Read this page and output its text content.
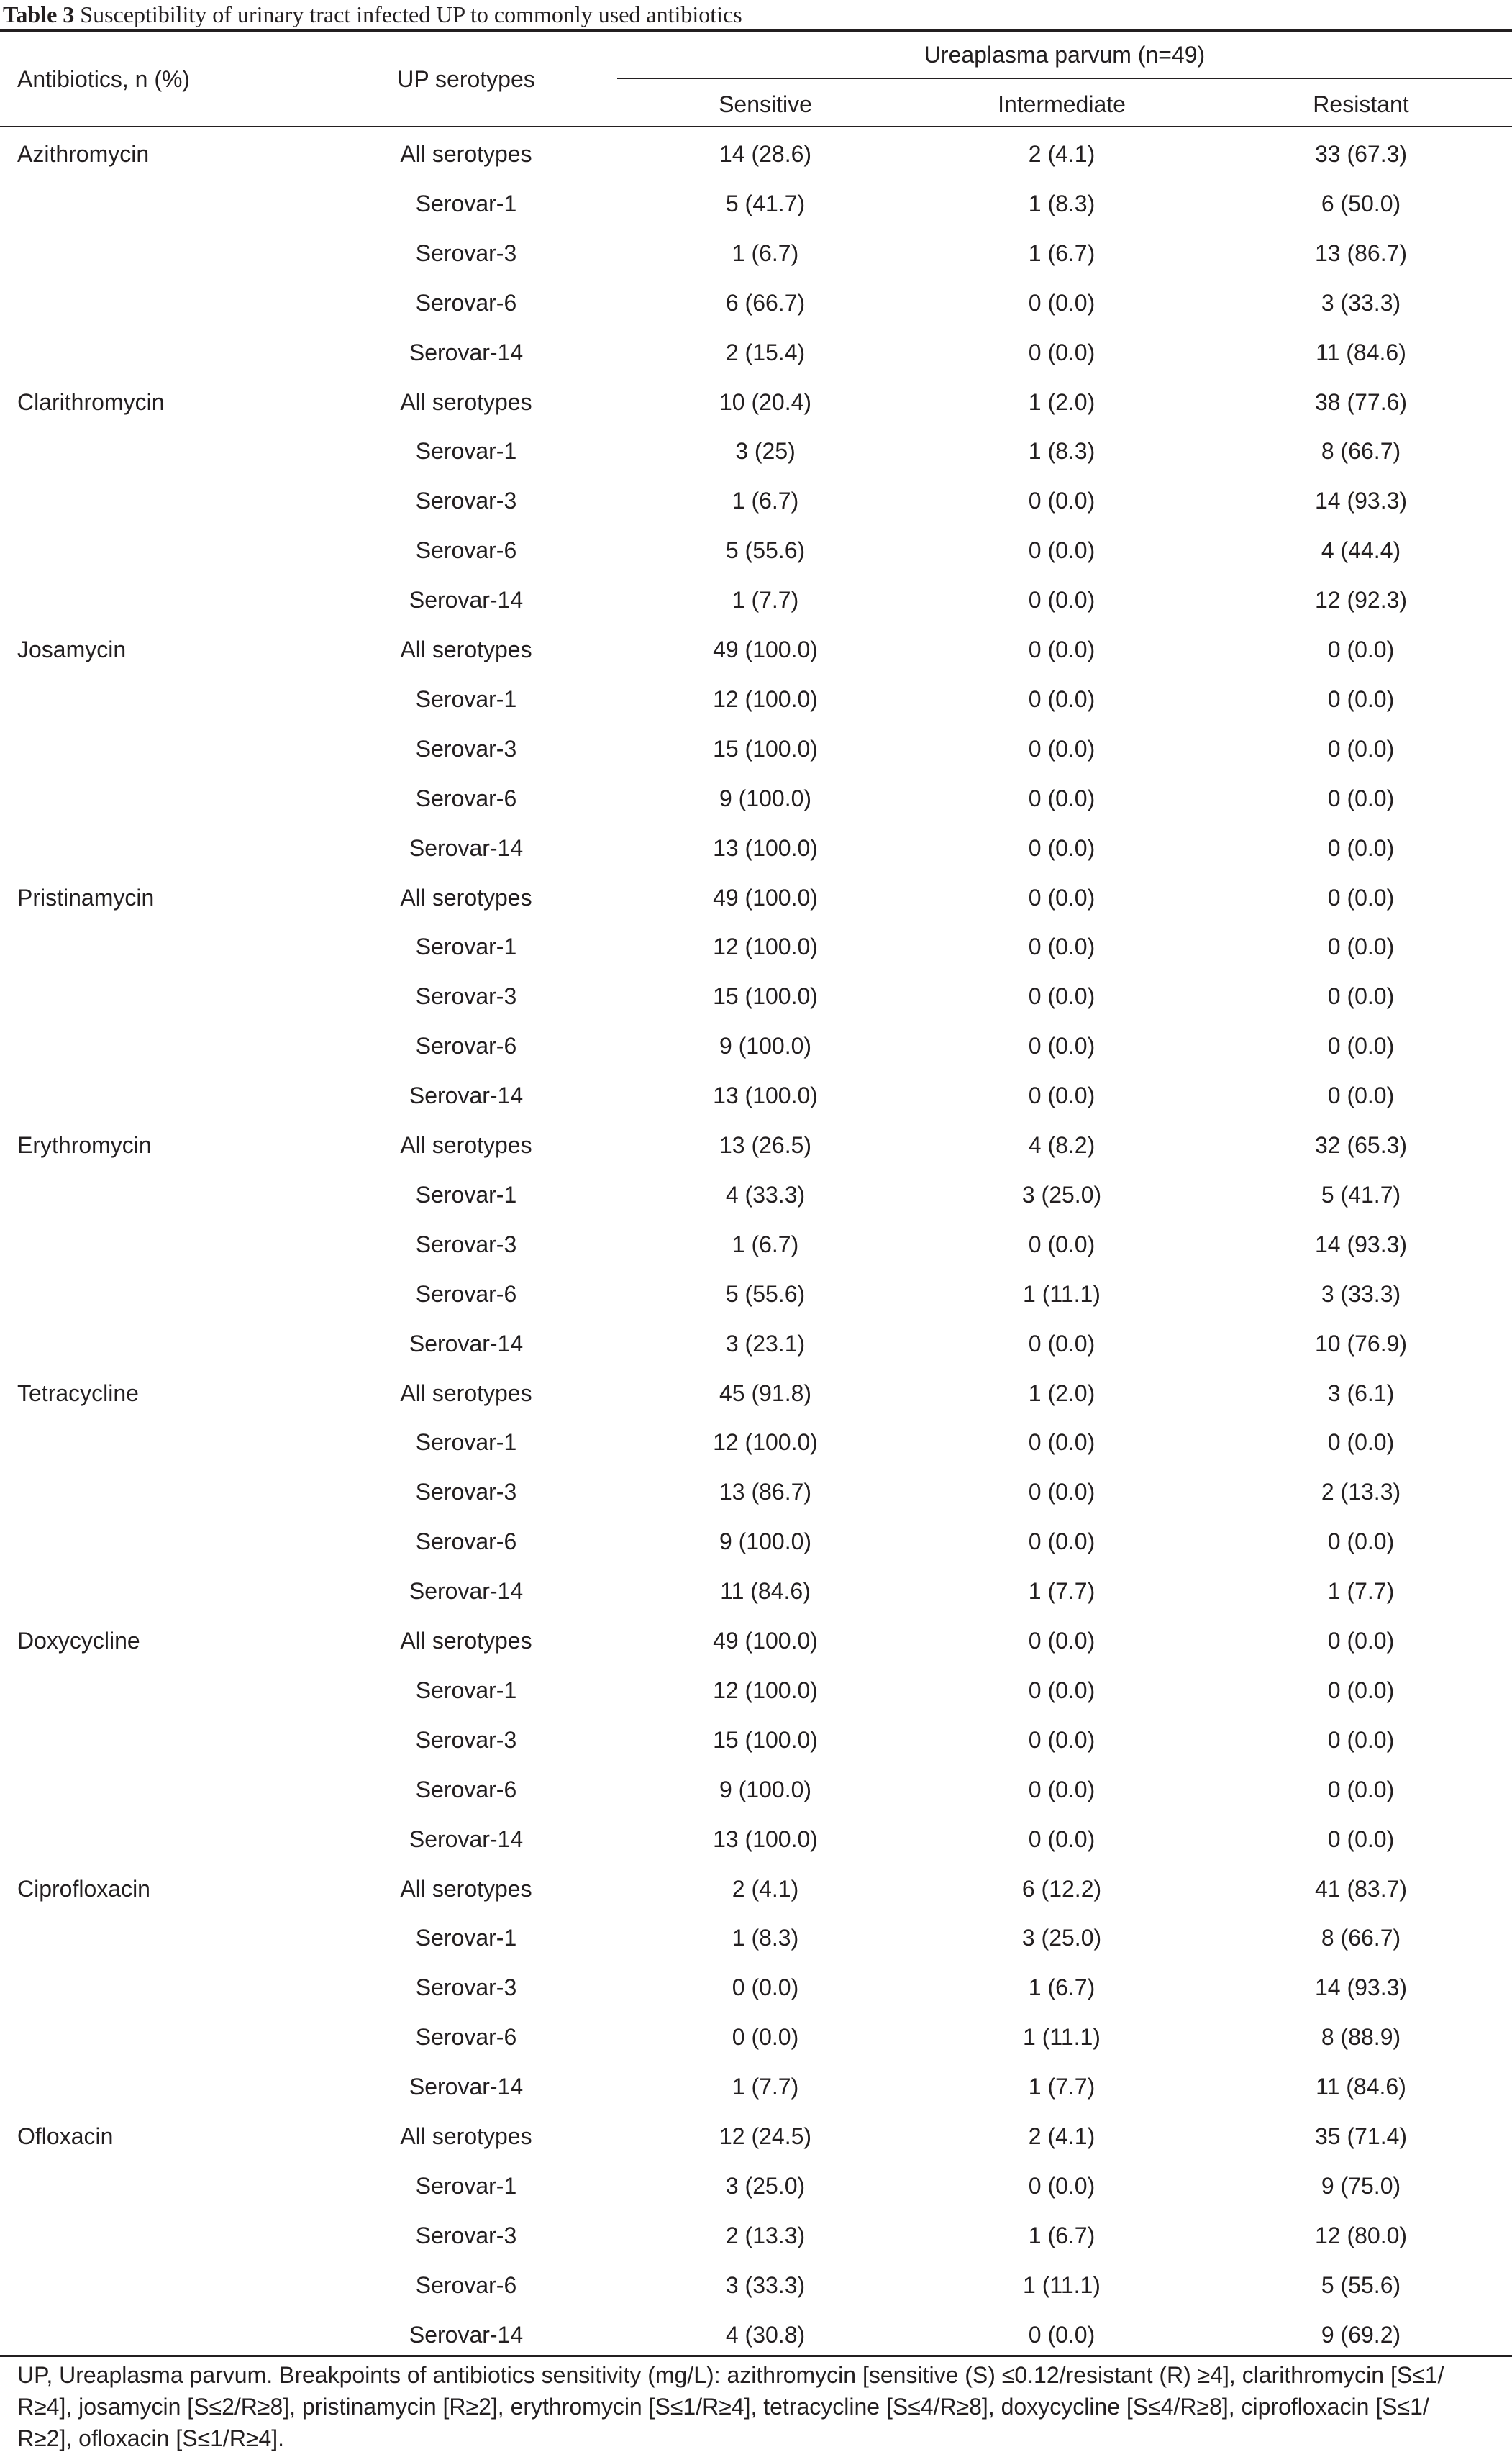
Table 3 Susceptibility of urinary tract infected UP to commonly used antibiotics
Antibiotics, n (%)	UP serotypes
Ureaplasma parvum (n=49)
Sensitive	Intermediate	Resistant
Azithromycin	All serotypes	14 (28.6)	2 (4.1)	33 (67.3)
Serovar-1	5 (41.7)	1 (8.3)	6 (50.0)
Serovar-3	1 (6.7)	1 (6.7)	13 (86.7)
Serovar-6	6 (66.7)	0 (0.0)	3 (33.3)
Serovar-14	2 (15.4)	0 (0.0)	11 (84.6)
Clarithromycin	All serotypes	10 (20.4)	1 (2.0)	38 (77.6)
Serovar-1	3 (25)	1 (8.3)	8 (66.7)
Serovar-3	1 (6.7)	0 (0.0)	14 (93.3)
Serovar-6	5 (55.6)	0 (0.0)	4 (44.4)
Serovar-14	1 (7.7)	0 (0.0)	12 (92.3)
Josamycin	All serotypes	49 (100.0)	0 (0.0)	0 (0.0)
Serovar-1	12 (100.0)	0 (0.0)	0 (0.0)
Serovar-3	15 (100.0)	0 (0.0)	0 (0.0)
Serovar-6	9 (100.0)	0 (0.0)	0 (0.0)
Serovar-14	13 (100.0)	0 (0.0)	0 (0.0)
Pristinamycin	All serotypes	49 (100.0)	0 (0.0)	0 (0.0)
Serovar-1	12 (100.0)	0 (0.0)	0 (0.0)
Serovar-3	15 (100.0)	0 (0.0)	0 (0.0)
Serovar-6	9 (100.0)	0 (0.0)	0 (0.0)
Serovar-14	13 (100.0)	0 (0.0)	0 (0.0)
Erythromycin	All serotypes	13 (26.5)	4 (8.2)	32 (65.3)
Serovar-1	4 (33.3)	3 (25.0)	5 (41.7)
Serovar-3	1 (6.7)	0 (0.0)	14 (93.3)
Serovar-6	5 (55.6)	1 (11.1)	3 (33.3)
Serovar-14	3 (23.1)	0 (0.0)	10 (76.9)
Tetracycline	All serotypes	45 (91.8)	1 (2.0)	3 (6.1)
Serovar-1	12 (100.0)	0 (0.0)	0 (0.0)
Serovar-3	13 (86.7)	0 (0.0)	2 (13.3)
Serovar-6	9 (100.0)	0 (0.0)	0 (0.0)
Serovar-14	11 (84.6)	1 (7.7)	1 (7.7)
Doxycycline	All serotypes	49 (100.0)	0 (0.0)	0 (0.0)
Serovar-1	12 (100.0)	0 (0.0)	0 (0.0)
Serovar-3	15 (100.0)	0 (0.0)	0 (0.0)
Serovar-6	9 (100.0)	0 (0.0)	0 (0.0)
Serovar-14	13 (100.0)	0 (0.0)	0 (0.0)
Ciprofloxacin	All serotypes	2 (4.1)	6 (12.2)	41 (83.7)
Serovar-1	1 (8.3)	3 (25.0)	8 (66.7)
Serovar-3	0 (0.0)	1 (6.7)	14 (93.3)
Serovar-6	0 (0.0)	1 (11.1)	8 (88.9)
Serovar-14	1 (7.7)	1 (7.7)	11 (84.6)
Ofloxacin	All serotypes	12 (24.5)	2 (4.1)	35 (71.4)
Serovar-1	3 (25.0)	0 (0.0)	9 (75.0)
Serovar-3	2 (13.3)	1 (6.7)	12 (80.0)
Serovar-6	3 (33.3)	1 (11.1)	5 (55.6)
Serovar-14	4 (30.8)	0 (0.0)	9 (69.2)
UP, Ureaplasma parvum. Breakpoints of antibiotics sensitivity (mg/L): azithromycin [sensitive (S) ≤0.12/resistant (R) ≥4], clarithromycin [S≤1/
R≥4], josamycin [S≤2/R≥8], pristinamycin [R≥2], erythromycin [S≤1/R≥4], tetracycline [S≤4/R≥8], doxycycline [S≤4/R≥8], ciprofloxacin [S≤1/
R≥2], ofloxacin [S≤1/R≥4].
